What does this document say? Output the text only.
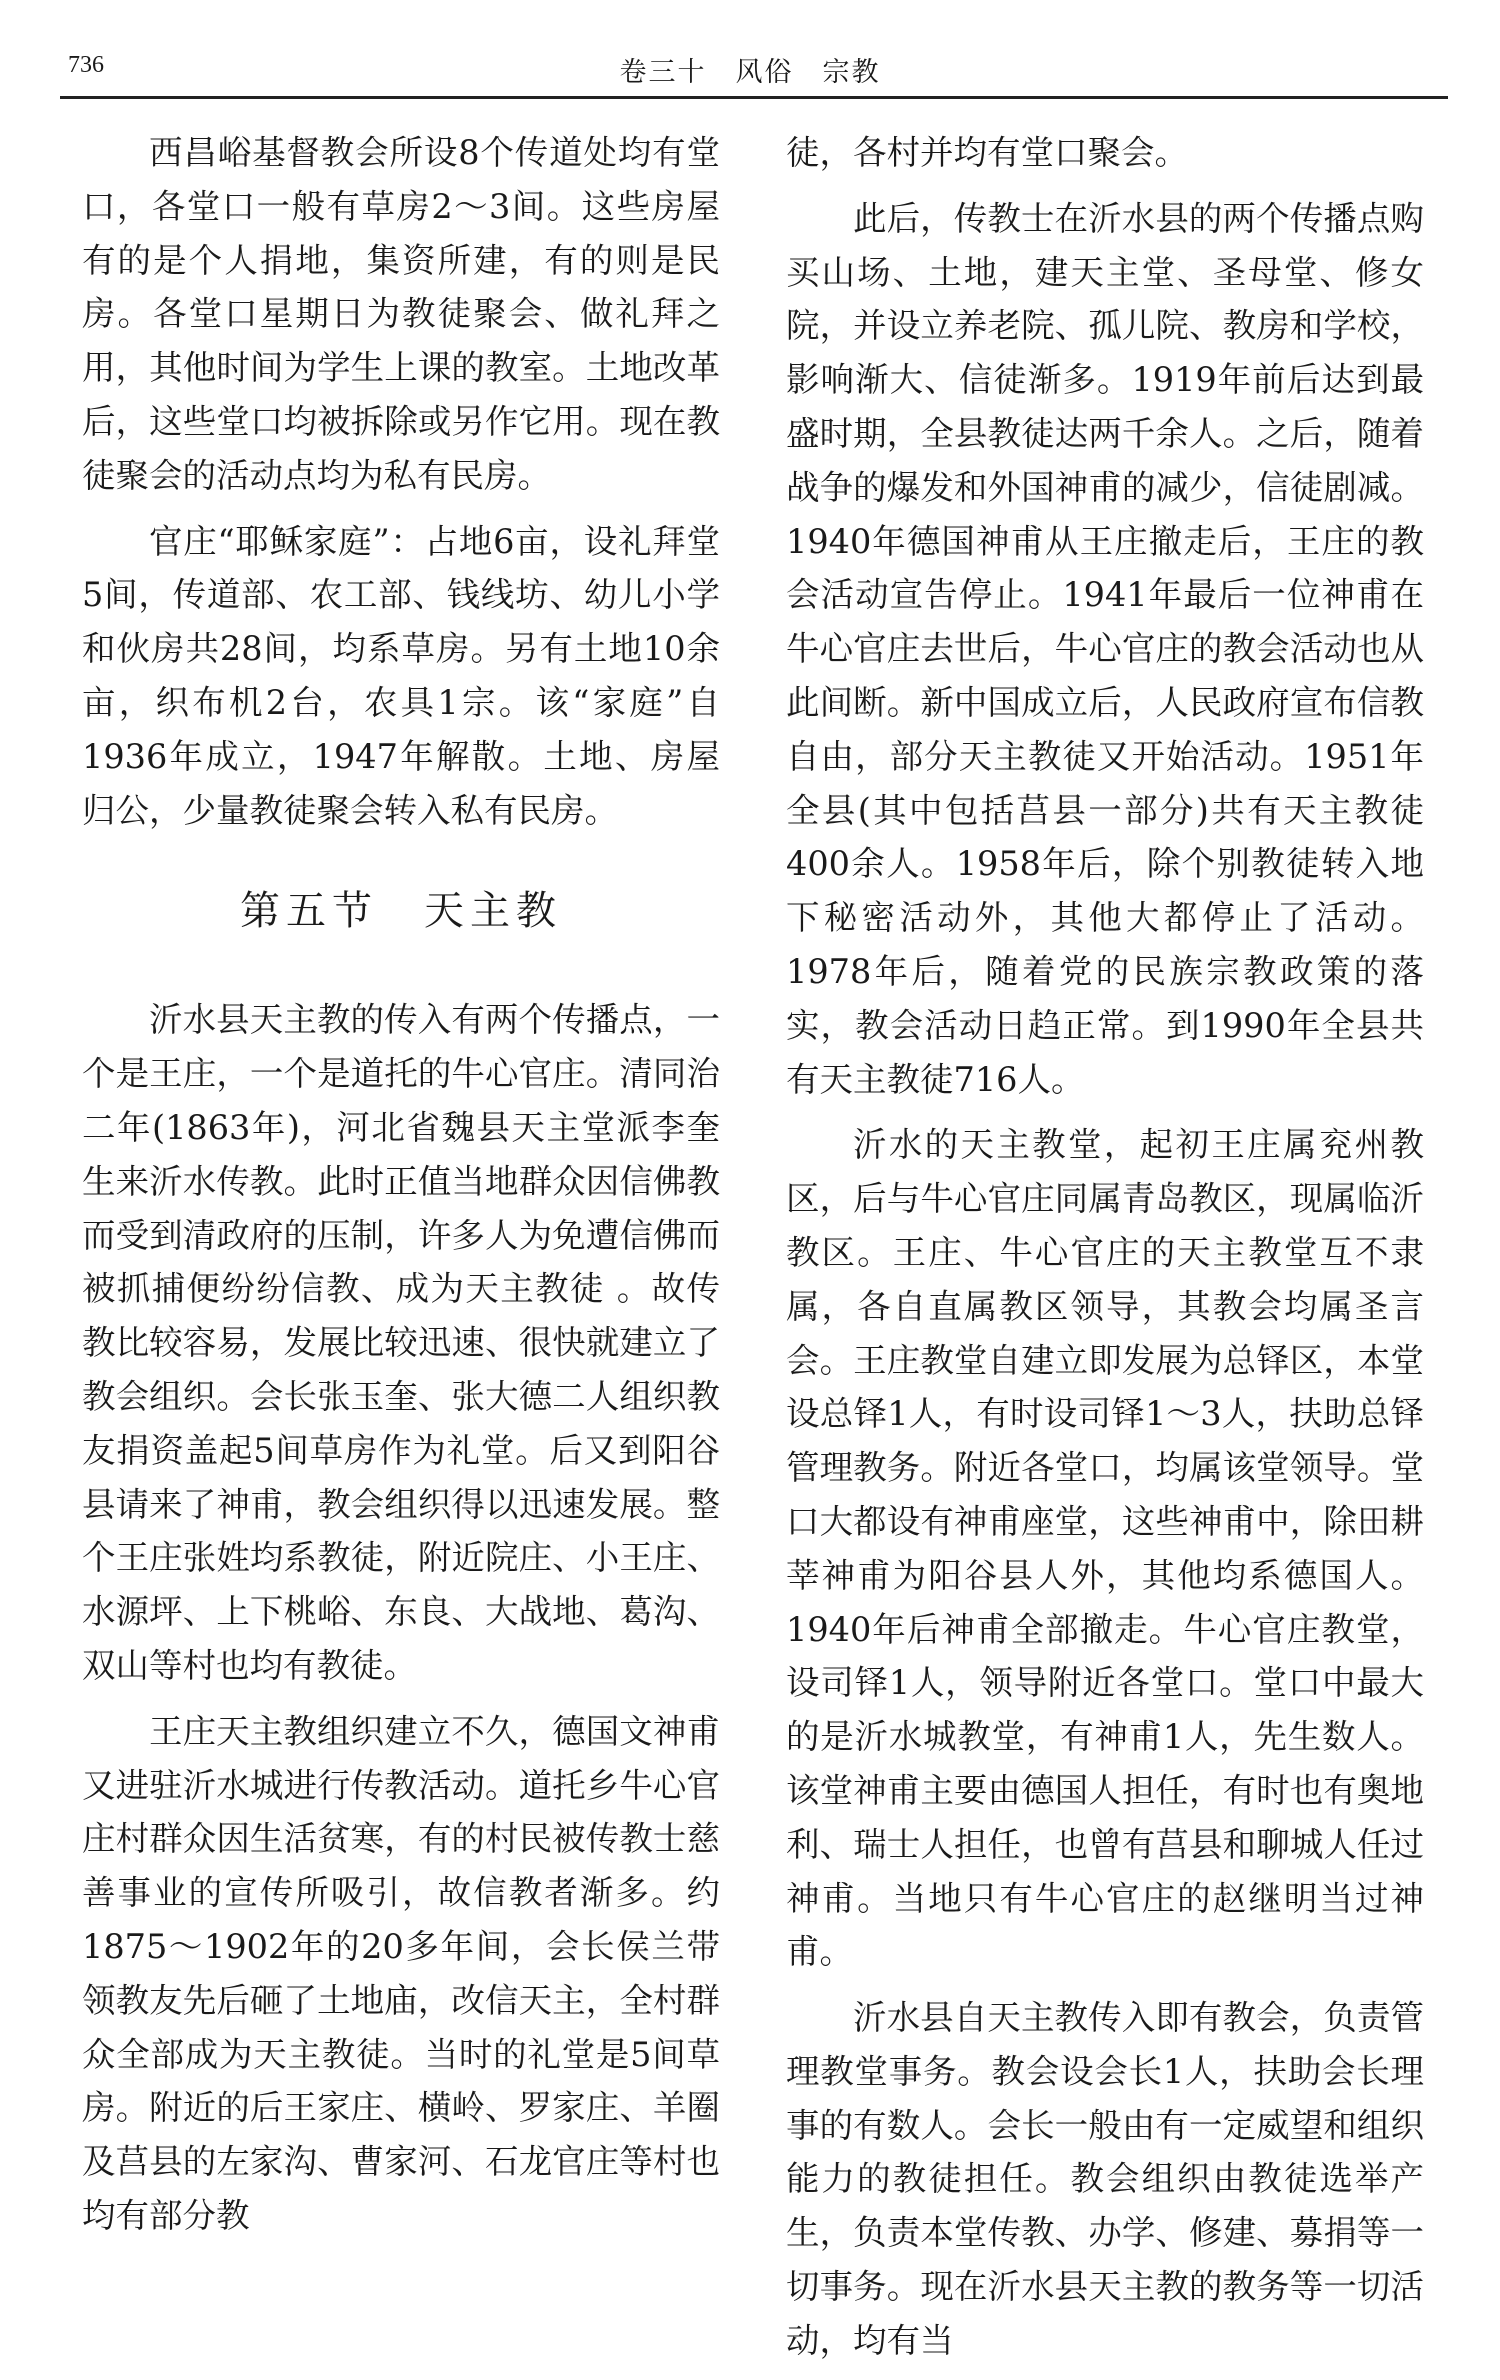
736	卷三十　风俗　宗教

西昌峪基督教会所设8个传道处均有堂口，各堂口一般有草房2～3间。这些房屋有的是个人捐地，集资所建，有的则是民房。各堂口星期日为教徒聚会、做礼拜之用，其他时间为学生上课的教室。土地改革后，这些堂口均被拆除或另作它用。现在教徒聚会的活动点均为私有民房。

官庄“耶稣家庭”：占地6亩，设礼拜堂5间，传道部、农工部、钱线坊、幼儿小学和伙房共28间，均系草房。另有土地10余亩，织布机2台，农具1宗。该“家庭”自1936年成立，1947年解散。土地、房屋归公，少量教徒聚会转入私有民房。

第五节 天主教

沂水县天主教的传入有两个传播点，一个是王庄，一个是道托的牛心官庄。清同治二年(1863年)，河北省魏县天主堂派李奎生来沂水传教。此时正值当地群众因信佛教而受到清政府的压制，许多人为免遭信佛而被抓捕便纷纷信教、成为天主教徒 。故传教比较容易，发展比较迅速、很快就建立了教会组织。会长张玉奎、张大德二人组织教友捐资盖起5间草房作为礼堂。后又到阳谷县请来了神甫，教会组织得以迅速发展。整个王庄张姓均系教徒，附近院庄、小王庄、水源坪、上下桃峪、东良、大战地、葛沟、双山等村也均有教徒。

王庄天主教组织建立不久，德国文神甫又进驻沂水城进行传教活动。道托乡牛心官庄村群众因生活贫寒，有的村民被传教士慈善事业的宣传所吸引，故信教者渐多。约1875～1902年的20多年间，会长侯兰带领教友先后砸了土地庙，改信天主，全村群众全部成为天主教徒。当时的礼堂是5间草房。附近的后王家庄、横岭、罗家庄、羊圈及莒县的左家沟、曹家河、石龙官庄等村也均有部分教

徒，各村并均有堂口聚会。

此后，传教士在沂水县的两个传播点购买山场、土地，建天主堂、圣母堂、修女院，并设立养老院、孤儿院、教房和学校，影响渐大、信徒渐多。1919年前后达到最盛时期，全县教徒达两千余人。之后，随着战争的爆发和外国神甫的减少，信徒剧减。1940年德国神甫从王庄撤走后，王庄的教会活动宣告停止。1941年最后一位神甫在牛心官庄去世后，牛心官庄的教会活动也从此间断。新中国成立后，人民政府宣布信教自由，部分天主教徒又开始活动。1951年全县(其中包括莒县一部分)共有天主教徒400余人。1958年后，除个别教徒转入地下秘密活动外，其他大都停止了活动。1978年后，随着党的民族宗教政策的落实，教会活动日趋正常。到1990年全县共有天主教徒716人。

沂水的天主教堂，起初王庄属兖州教区，后与牛心官庄同属青岛教区，现属临沂教区。王庄、牛心官庄的天主教堂互不隶属，各自直属教区领导，其教会均属圣言会。王庄教堂自建立即发展为总铎区，本堂设总铎1人，有时设司铎1～3人，扶助总铎管理教务。附近各堂口，均属该堂领导。堂口大都设有神甫座堂，这些神甫中，除田耕莘神甫为阳谷县人外，其他均系德国人。1940年后神甫全部撤走。牛心官庄教堂，设司铎1人，领导附近各堂口。堂口中最大的是沂水城教堂，有神甫1人，先生数人。该堂神甫主要由德国人担任，有时也有奥地利、瑞士人担任，也曾有莒县和聊城人任过神甫。当地只有牛心官庄的赵继明当过神甫。

沂水县自天主教传入即有教会，负责管理教堂事务。教会设会长1人，扶助会长理事的有数人。会长一般由有一定威望和组织能力的教徒担任。教会组织由教徒选举产生，负责本堂传教、办学、修建、募捐等一切事务。现在沂水县天主教的教务等一切活动，均有当
